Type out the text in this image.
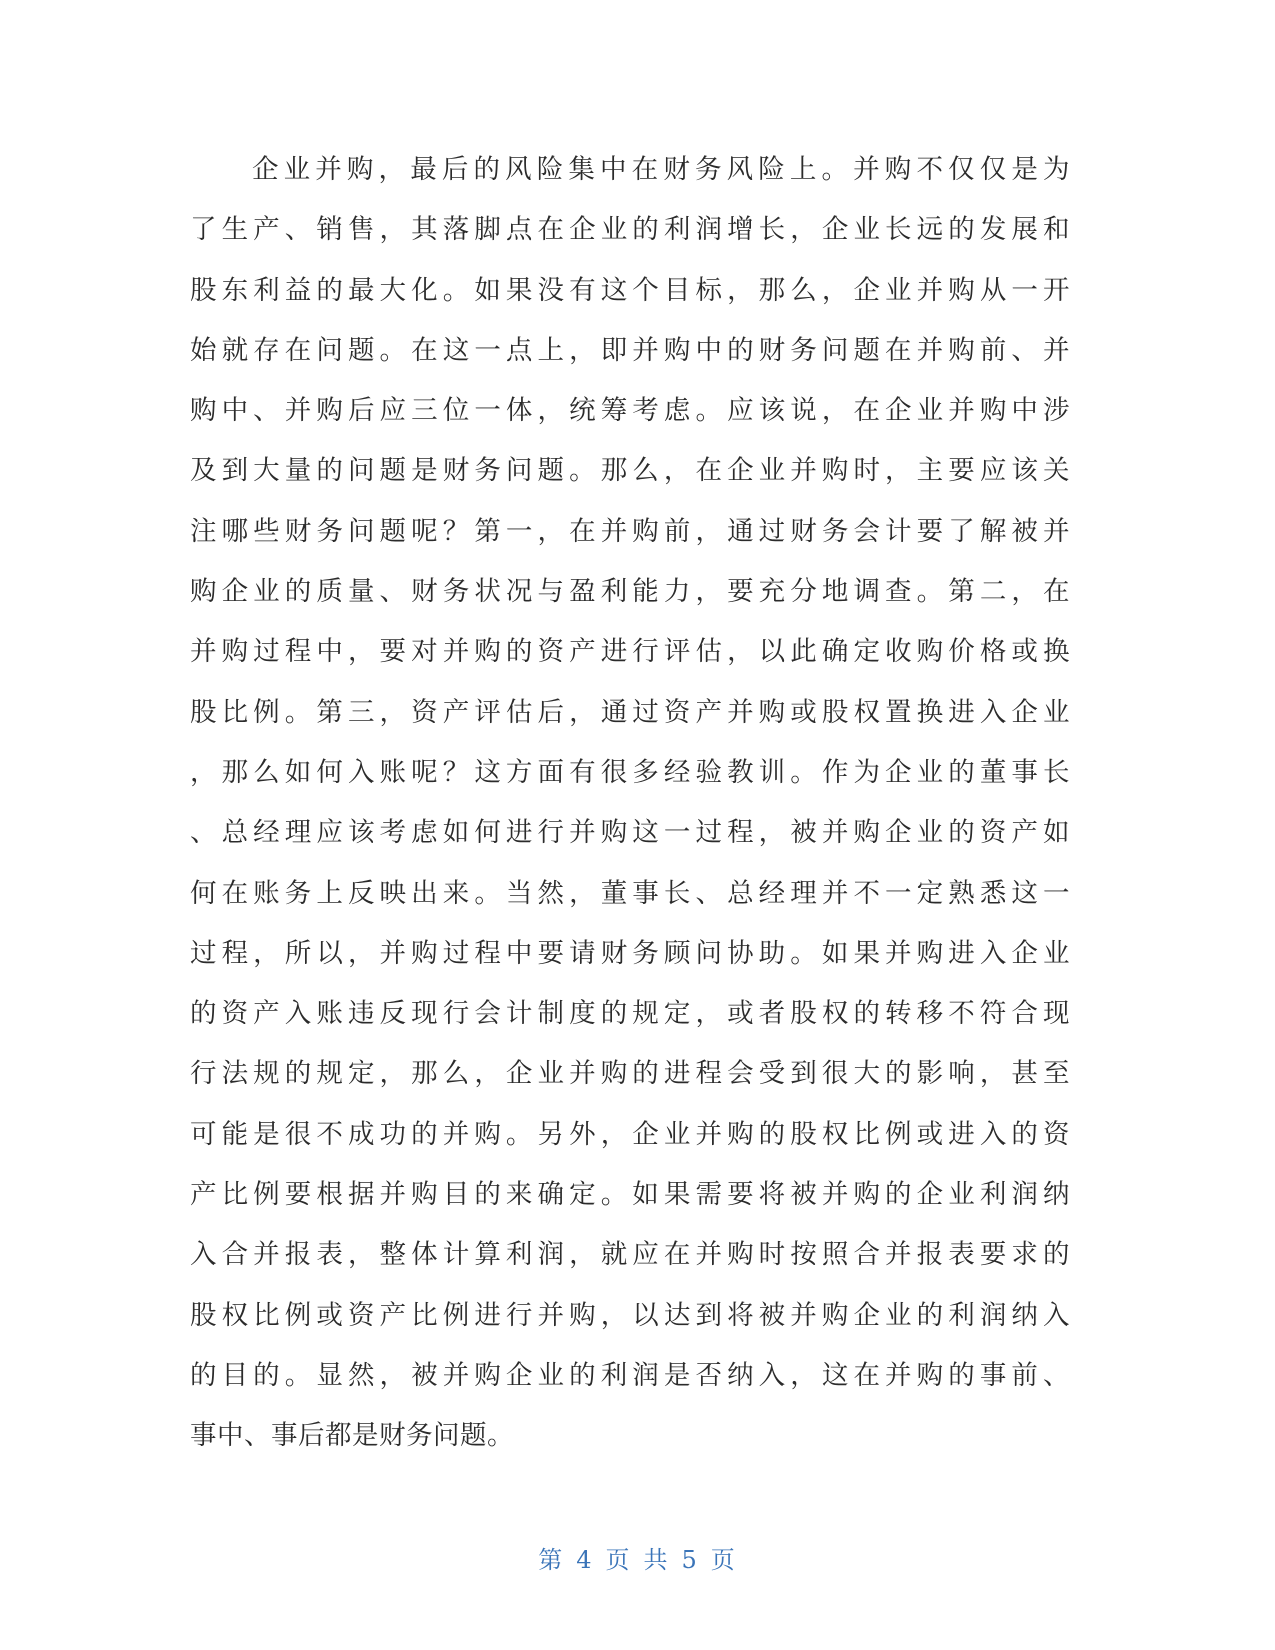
企业并购，最后的风险集中在财务风险上。并购不仅仅是为
了生产、销售，其落脚点在企业的利润增长，企业长远的发展和
股东利益的最大化。如果没有这个目标，那么，企业并购从一开
始就存在问题。在这一点上，即并购中的财务问题在并购前、并
购中、并购后应三位一体，统筹考虑。应该说，在企业并购中涉
及到大量的问题是财务问题。那么，在企业并购时，主要应该关
注哪些财务问题呢？第一，在并购前，通过财务会计要了解被并
购企业的质量、财务状况与盈利能力，要充分地调查。第二，在
并购过程中，要对并购的资产进行评估，以此确定收购价格或换
股比例。第三，资产评估后，通过资产并购或股权置换进入企业
，那么如何入账呢？这方面有很多经验教训。作为企业的董事长
、总经理应该考虑如何进行并购这一过程，被并购企业的资产如
何在账务上反映出来。当然，董事长、总经理并不一定熟悉这一
过程，所以，并购过程中要请财务顾问协助。如果并购进入企业
的资产入账违反现行会计制度的规定，或者股权的转移不符合现
行法规的规定，那么，企业并购的进程会受到很大的影响，甚至
可能是很不成功的并购。另外，企业并购的股权比例或进入的资
产比例要根据并购目的来确定。如果需要将被并购的企业利润纳
入合并报表，整体计算利润，就应在并购时按照合并报表要求的
股权比例或资产比例进行并购，以达到将被并购企业的利润纳入
的目的。显然，被并购企业的利润是否纳入，这在并购的事前、
事中、事后都是财务问题。
第 4 页 共 5 页
